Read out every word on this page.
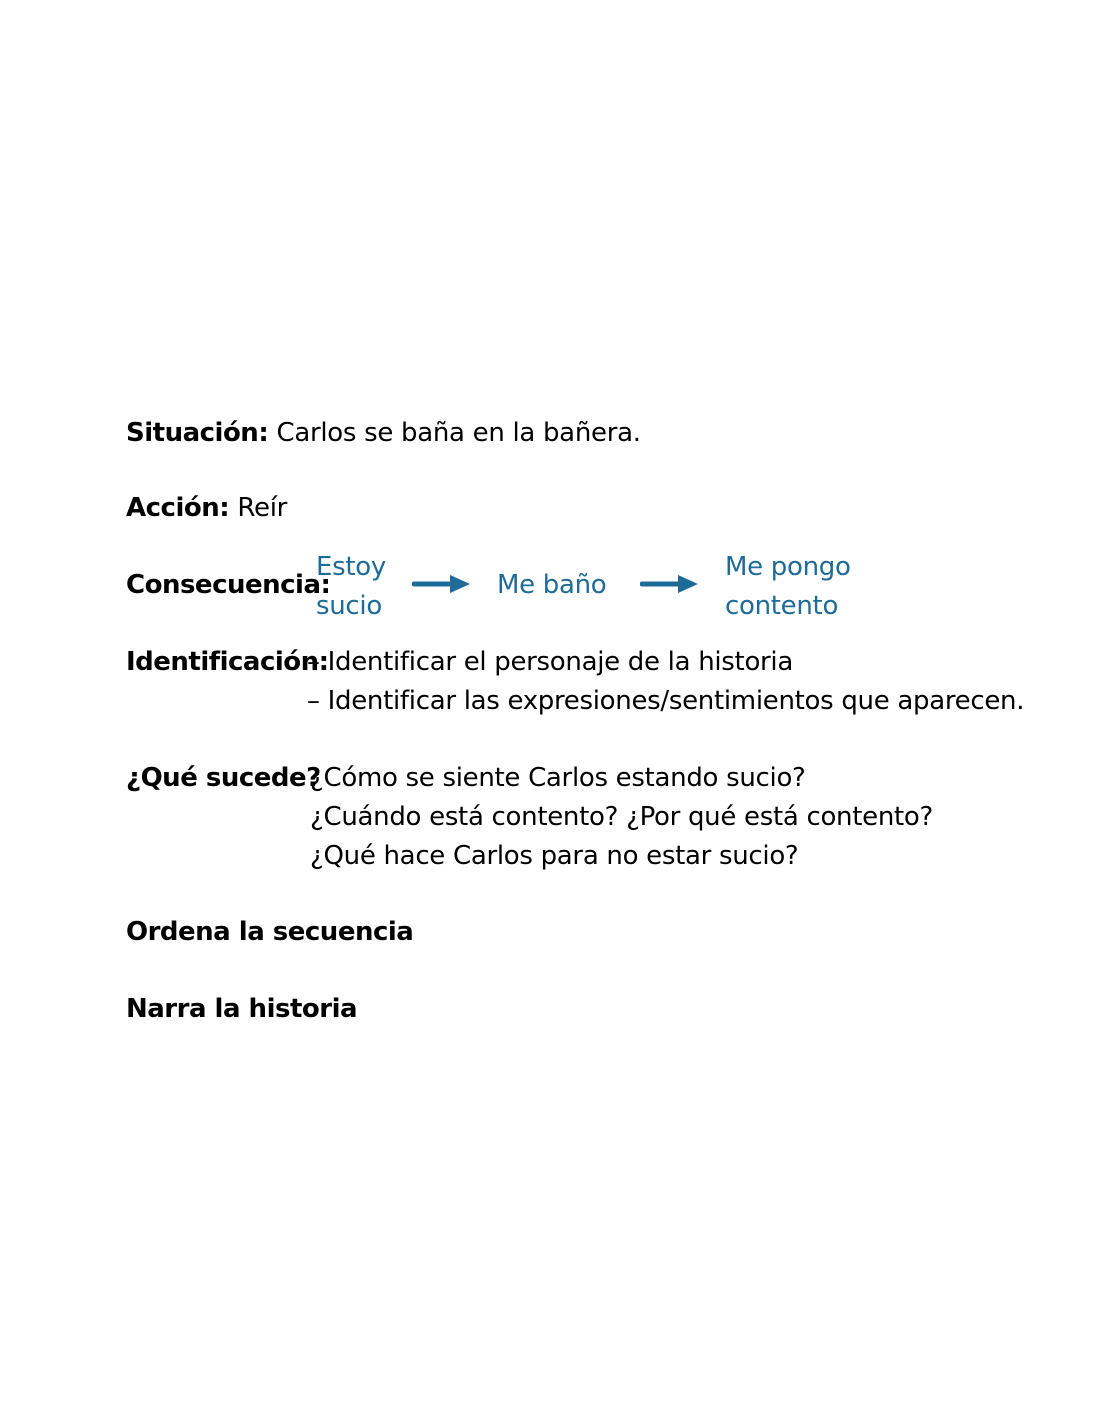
Situación: Carlos se baña en la bañera.
Acción: Reír
Consecuencia:
Estoy
sucio
Me baño
Me pongo
contento
Identificación:
– Identificar el personaje de la historia
– Identificar las expresiones/sentimientos que aparecen.
¿Qué sucede?
¿Cómo se siente Carlos estando sucio?
¿Cuándo está contento? ¿Por qué está contento?
¿Qué hace Carlos para no estar sucio?
Ordena la secuencia
Narra la historia
